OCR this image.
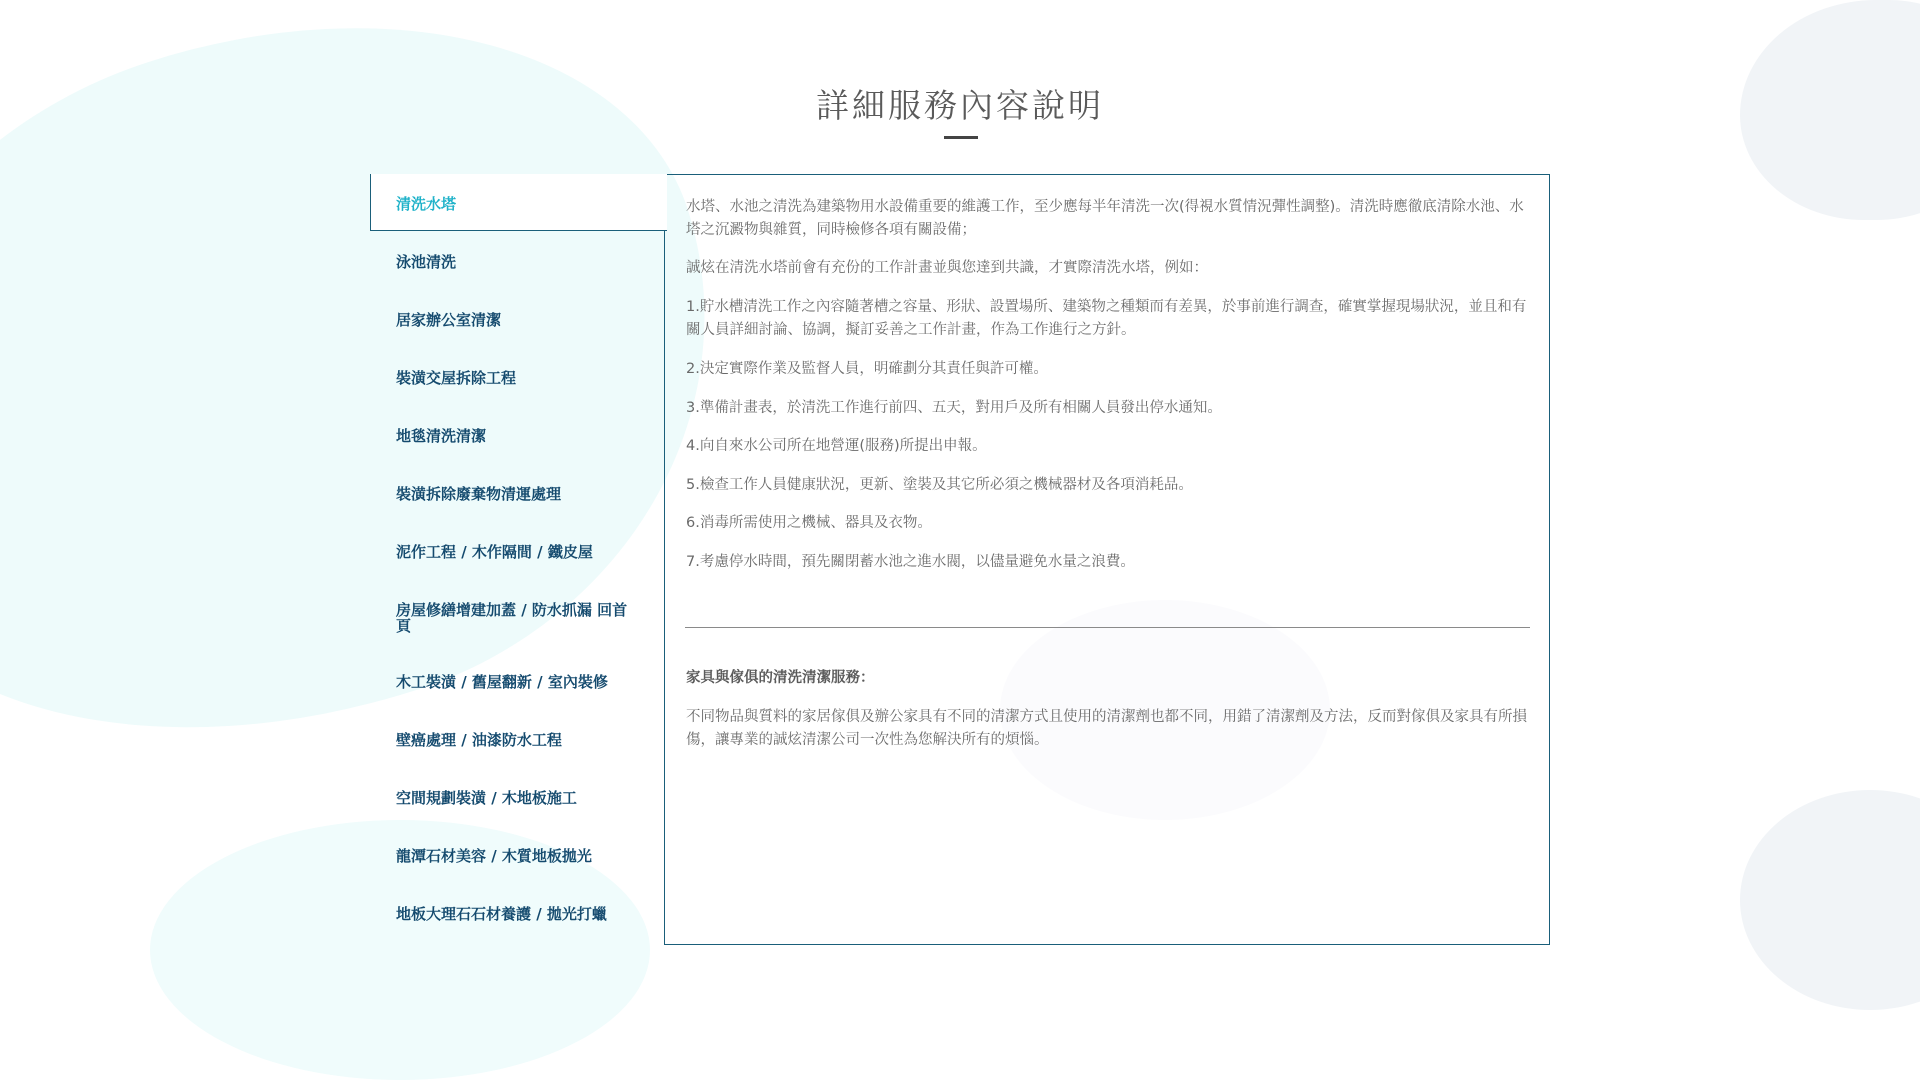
詳細服務內容說明
清洗水塔
泳池清洗
居家辦公室清潔
裝潢交屋拆除工程
地毯清洗清潔
裝潢拆除廢棄物清運處理
泥作工程 / 木作隔間 / 鐵皮屋
房屋修繕增建加蓋 / 防水抓漏 回首頁
木工裝潢 / 舊屋翻新 / 室內裝修
壁癌處理 / 油漆防水工程
空間規劃裝潢 / 木地板施工
龍潭石材美容 / 木質地板拋光
地板大理石石材養護 / 拋光打蠟

水塔、水池之清洗為建築物用水設備重要的維護工作，至少應每半年清洗一次(得視水質情況彈性調整)。清洗時應徹底清除水池、水塔之沉澱物與雜質，同時檢修各項有關設備；

誠炫在清洗水塔前會有充份的工作計畫並與您達到共識，才實際清洗水塔，例如：

1.貯水槽清洗工作之內容隨著槽之容量、形狀、設置場所、建築物之種類而有差異，於事前進行調查，確實掌握現場狀況，並且和有關人員詳細討論、協調，擬訂妥善之工作計畫，作為工作進行之方針。

2.決定實際作業及監督人員，明確劃分其責任與許可權。

3.準備計畫表，於清洗工作進行前四、五天，對用戶及所有相關人員發出停水通知。

4.向自來水公司所在地營運(服務)所提出申報。

5.檢查工作人員健康狀況，更新、塗裝及其它所必須之機械器材及各項消耗品。

6.消毒所需使用之機械、器具及衣物。

7.考慮停水時間，預先關閉蓄水池之進水閥，以儘量避免水量之浪費。

家具與傢俱的清洗清潔服務：

不同物品與質料的家居傢俱及辦公家具有不同的清潔方式且使用的清潔劑也都不同，用錯了清潔劑及方法，反而對傢俱及家具有所損傷，讓專業的誠炫清潔公司一次性為您解決所有的煩惱。
